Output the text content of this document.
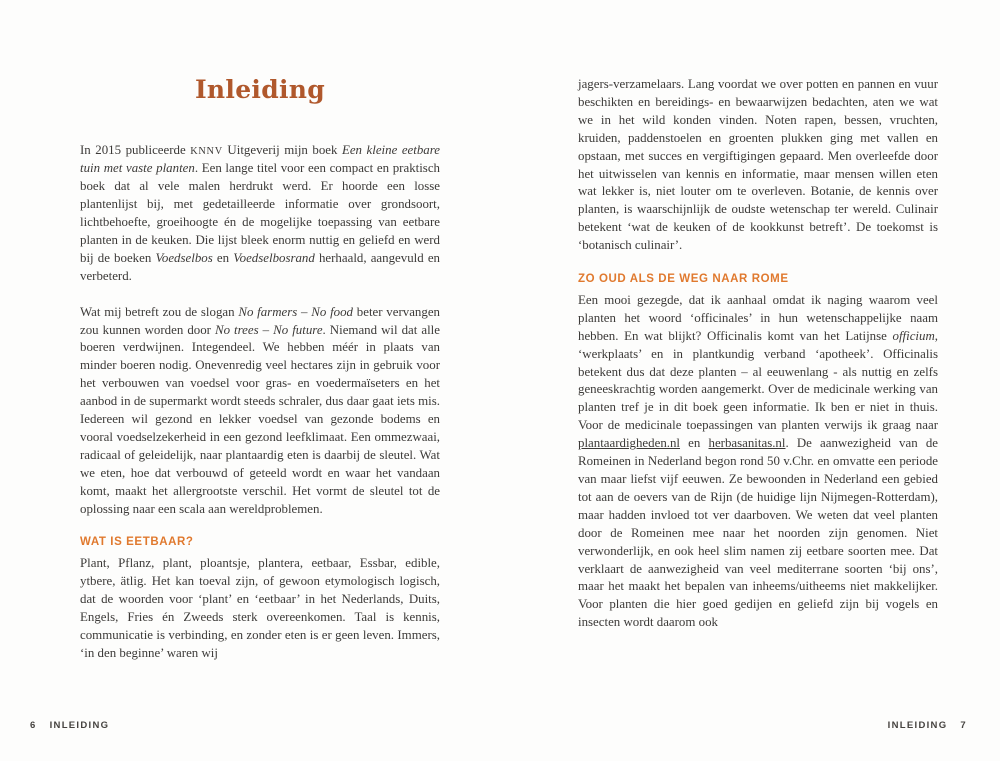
Inleiding

In 2015 publiceerde KNNV Uitgeverij mijn boek Een kleine eetbare tuin met vaste planten. Een lange titel voor een compact en praktisch boek dat al vele malen herdrukt werd. Er hoorde een losse plantenlijst bij, met gedetailleerde informatie over grondsoort, lichtbehoefte, groeihoogte én de mogelijke toepassing van eetbare planten in de keuken. Die lijst bleek enorm nuttig en geliefd en werd bij de boeken Voedselbos en Voedselbosrand herhaald, aangevuld en verbeterd.

Wat mij betreft zou de slogan No farmers – No food beter vervangen zou kunnen worden door No trees – No future. Niemand wil dat alle boeren verdwijnen. Integendeel. We hebben méér in plaats van minder boeren nodig. Onevenredig veel hectares zijn in gebruik voor het verbouwen van voedsel voor gras- en voedermaïseters en het aanbod in de supermarkt wordt steeds schraler, dus daar gaat iets mis. Iedereen wil gezond en lekker voedsel van gezonde bodems en vooral voedselzekerheid in een gezond leefklimaat. Een ommezwaai, radicaal of geleidelijk, naar plantaardig eten is daarbij de sleutel. Wat we eten, hoe dat verbouwd of geteeld wordt en waar het vandaan komt, maakt het allergrootste verschil. Het vormt de sleutel tot de oplossing naar een scala aan wereldproblemen.

WAT IS EETBAAR?

Plant, Pflanz, plant, ploantsje, plantera, eetbaar, Essbar, edible, ytbere, ätlig. Het kan toeval zijn, of gewoon etymologisch logisch, dat de woorden voor ‘plant’ en ‘eetbaar’ in het Nederlands, Duits, Engels, Fries én Zweeds sterk overeenkomen. Taal is kennis, communicatie is verbinding, en zonder eten is er geen leven. Immers, ‘in den beginne’ waren wij

jagers-verzamelaars. Lang voordat we over potten en pannen en vuur beschikten en bereidings- en bewaarwijzen bedachten, aten we wat we in het wild konden vinden. Noten rapen, bessen, vruchten, kruiden, paddenstoelen en groenten plukken ging met vallen en opstaan, met succes en vergiftigingen gepaard. Men overleefde door het uitwisselen van kennis en informatie, maar mensen willen eten wat lekker is, niet louter om te overleven. Botanie, de kennis over planten, is waarschijnlijk de oudste wetenschap ter wereld. Culinair betekent ‘wat de keuken of de kookkunst betreft’. De toekomst is ‘botanisch culinair’.

ZO OUD ALS DE WEG NAAR ROME

Een mooi gezegde, dat ik aanhaal omdat ik naging waarom veel planten het woord ‘officinales’ in hun wetenschappelijke naam hebben. En wat blijkt? Officinalis komt van het Latijnse officium, ‘werkplaats’ en in plantkundig verband ‘apotheek’. Officinalis betekent dus dat deze planten – al eeuwenlang - als nuttig en zelfs geneeskrachtig worden aangemerkt. Over de medicinale werking van planten tref je in dit boek geen informatie. Ik ben er niet in thuis. Voor de medicinale toepassingen van planten verwijs ik graag naar plantaardigheden.nl en herbasanitas.nl. De aanwezigheid van de Romeinen in Nederland begon rond 50 v.Chr. en omvatte een periode van maar liefst vijf eeuwen. Ze bewoonden in Nederland een gebied tot aan de oevers van de Rijn (de huidige lijn Nijmegen-Rotterdam), maar hadden invloed tot ver daarboven. We weten dat veel planten door de Romeinen mee naar het noorden zijn genomen. Niet verwonderlijk, en ook heel slim namen zij eetbare soorten mee. Dat verklaart de aanwezigheid van veel mediterrane soorten ‘bij ons’, maar het maakt het bepalen van inheems/uitheems niet makkelijker. Voor planten die hier goed gedijen en geliefd zijn bij vogels en insecten wordt daarom ook

6 INLEIDING	INLEIDING 7
